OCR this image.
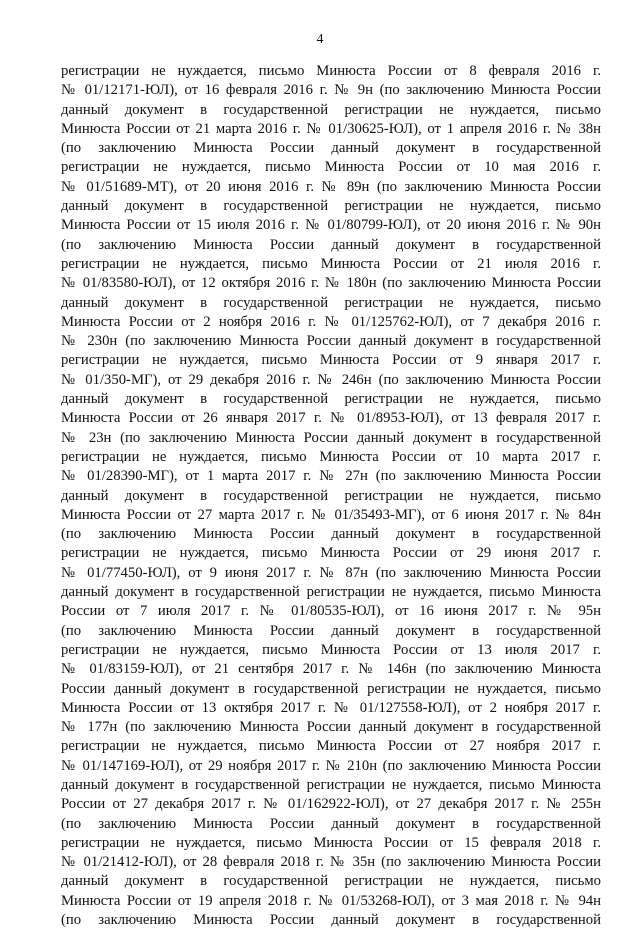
4
регистрации не нуждается, письмо Минюста России от 8 февраля 2016 г.
№ 01/12171-ЮЛ), от 16 февраля 2016 г. № 9н (по заключению Минюста России
данный документ в государственной регистрации не нуждается, письмо
Минюста России от 21 марта 2016 г. № 01/30625-ЮЛ), от 1 апреля 2016 г. № 38н
(по заключению Минюста России данный документ в государственной
регистрации не нуждается, письмо Минюста России от 10 мая 2016 г.
№ 01/51689-МТ), от 20 июня 2016 г. № 89н (по заключению Минюста России
данный документ в государственной регистрации не нуждается, письмо
Минюста России от 15 июля 2016 г. № 01/80799-ЮЛ), от 20 июня 2016 г. № 90н
(по заключению Минюста России данный документ в государственной
регистрации не нуждается, письмо Минюста России от 21 июля 2016 г.
№ 01/83580-ЮЛ), от 12 октября 2016 г. № 180н (по заключению Минюста России
данный документ в государственной регистрации не нуждается, письмо
Минюста России от 2 ноября 2016 г. № 01/125762-ЮЛ), от 7 декабря 2016 г.
№ 230н (по заключению Минюста России данный документ в государственной
регистрации не нуждается, письмо Минюста России от 9 января 2017 г.
№ 01/350-МГ), от 29 декабря 2016 г. № 246н (по заключению Минюста России
данный документ в государственной регистрации не нуждается, письмо
Минюста России от 26 января 2017 г. № 01/8953-ЮЛ), от 13 февраля 2017 г.
№ 23н (по заключению Минюста России данный документ в государственной
регистрации не нуждается, письмо Минюста России от 10 марта 2017 г.
№ 01/28390-МГ), от 1 марта 2017 г. № 27н (по заключению Минюста России
данный документ в государственной регистрации не нуждается, письмо
Минюста России от 27 марта 2017 г. № 01/35493-МГ), от 6 июня 2017 г. № 84н
(по заключению Минюста России данный документ в государственной
регистрации не нуждается, письмо Минюста России от 29 июня 2017 г.
№ 01/77450-ЮЛ), от 9 июня 2017 г. № 87н (по заключению Минюста России
данный документ в государственной регистрации не нуждается, письмо Минюста
России от 7 июля 2017 г. № 01/80535-ЮЛ), от 16 июня 2017 г. № 95н
(по заключению Минюста России данный документ в государственной
регистрации не нуждается, письмо Минюста России от 13 июля 2017 г.
№ 01/83159-ЮЛ), от 21 сентября 2017 г. № 146н (по заключению Минюста
России данный документ в государственной регистрации не нуждается, письмо
Минюста России от 13 октября 2017 г. № 01/127558-ЮЛ), от 2 ноября 2017 г.
№ 177н (по заключению Минюста России данный документ в государственной
регистрации не нуждается, письмо Минюста России от 27 ноября 2017 г.
№ 01/147169-ЮЛ), от 29 ноября 2017 г. № 210н (по заключению Минюста России
данный документ в государственной регистрации не нуждается, письмо Минюста
России от 27 декабря 2017 г. № 01/162922-ЮЛ), от 27 декабря 2017 г. № 255н
(по заключению Минюста России данный документ в государственной
регистрации не нуждается, письмо Минюста России от 15 февраля 2018 г.
№ 01/21412-ЮЛ), от 28 февраля 2018 г. № 35н (по заключению Минюста России
данный документ в государственной регистрации не нуждается, письмо
Минюста России от 19 апреля 2018 г. № 01/53268-ЮЛ), от 3 мая 2018 г. № 94н
(по заключению Минюста России данный документ в государственной
